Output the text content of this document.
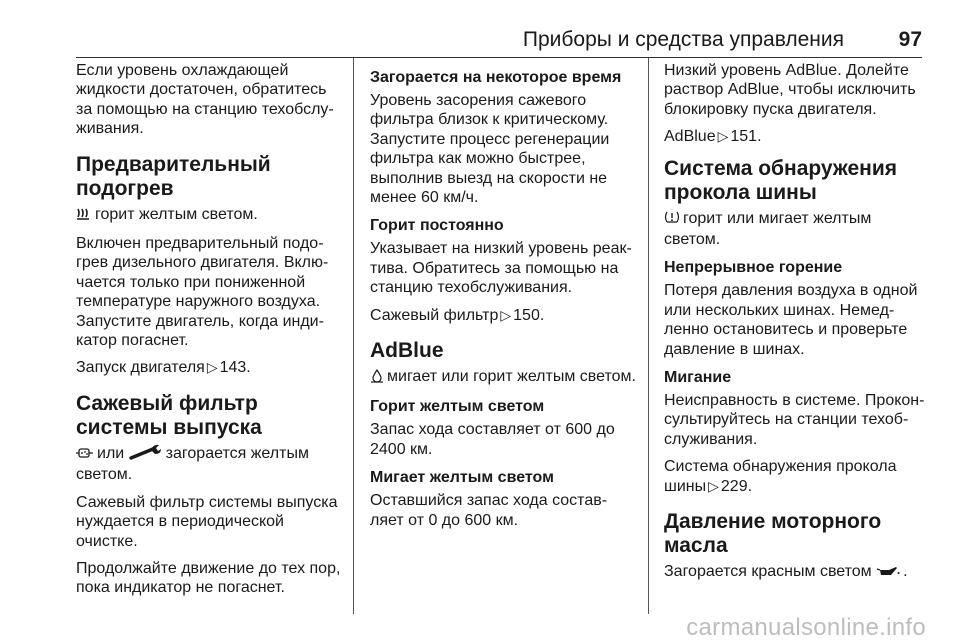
Приборы и средства управления	97

Если уровень охлаждающей жидкости достаточен, обратитесь за помощью на станцию техобслу-живания.

Предварительный подогрев

горит желтым светом.

Включен предварительный подо-грев дизельного двигателя. Вклю-чается только при пониженной температуре наружного воздуха. Запустите двигатель, когда инди-катор погаснет.

Запуск двигателя ▷ 143.

Сажевый фильтр системы выпуска

или	загорается желтым светом.

Сажевый фильтр системы выпуска нуждается в периодической очистке.

Продолжайте движение до тех пор, пока индикатор не погаснет.

Загорается на некоторое время

Уровень засорения сажевого фильтра близок к критическому. Запустите процесс регенерации фильтра как можно быстрее, выполнив выезд на скорости не менее 60 км/ч.

Горит постоянно

Указывает на низкий уровень реак-тива. Обратитесь за помощью на станцию техобслуживания.

Сажевый фильтр ▷ 150.

AdBlue

мигает или горит желтым светом.

Горит желтым светом

Запас хода составляет от 600 до 2400 км.

Мигает желтым светом

Оставшийся запас хода состав-ляет от 0 до 600 км.

Низкий уровень AdBlue. Долейте раствор AdBlue, чтобы исключить блокировку пуска двигателя.

AdBlue ▷ 151.

Система обнаружения прокола шины

горит или мигает желтым светом.

Непрерывное горение

Потеря давления воздуха в одной или нескольких шинах. Немед-ленно остановитесь и проверьте давление в шинах.

Мигание

Неисправность в системе. Прокон-сультируйтесь на станции техоб-служивания.

Система обнаружения прокола шины ▷ 229.

Давление моторного масла

Загорается красным светом .

carmanualsonline.info
